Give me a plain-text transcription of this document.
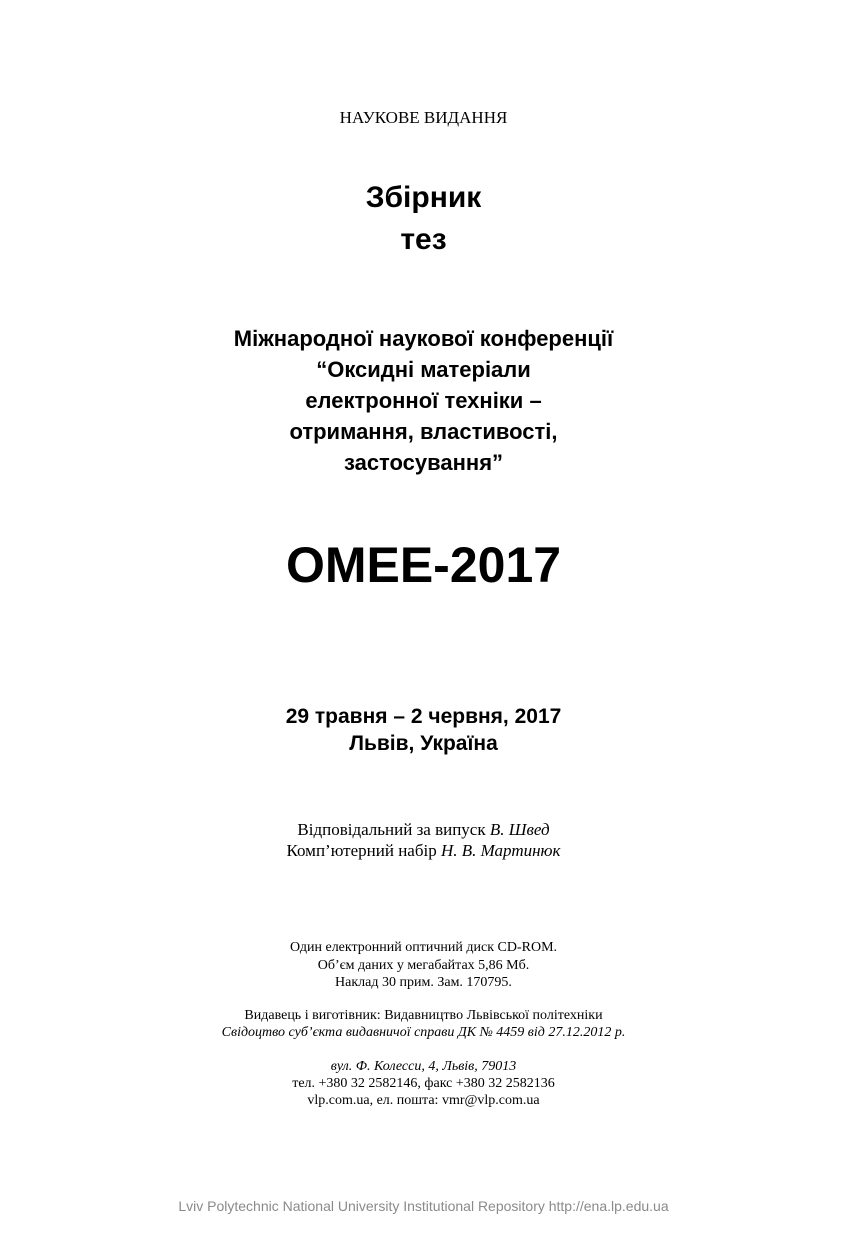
НАУКОВЕ ВИДАННЯ
Збірник
тез
Міжнародної наукової конференції
“Оксидні матеріали
електронної техніки –
отримання, властивості,
застосування”
OMEE-2017
29 травня – 2 червня, 2017
Львів, Україна
Відповідальний за випуск В. Швед
Комп’ютерний набір Н. В. Мартинюк
Один електронний оптичний диск CD-ROM.
Об’єм даних у мегабайтах 5,86 Мб.
Наклад 30 прим. Зам. 170795.
Видавець і виготівник: Видавництво Львівської політехніки
Свідоцтво суб’єкта видавничої справи ДК № 4459 від 27.12.2012 р.
вул. Ф. Колесси, 4, Львів, 79013
тел. +380 32 2582146, факс +380 32 2582136
vlp.com.ua, ел. пошта: vmr@vlp.com.ua
Lviv Polytechnic National University Institutional Repository http://ena.lp.edu.ua
